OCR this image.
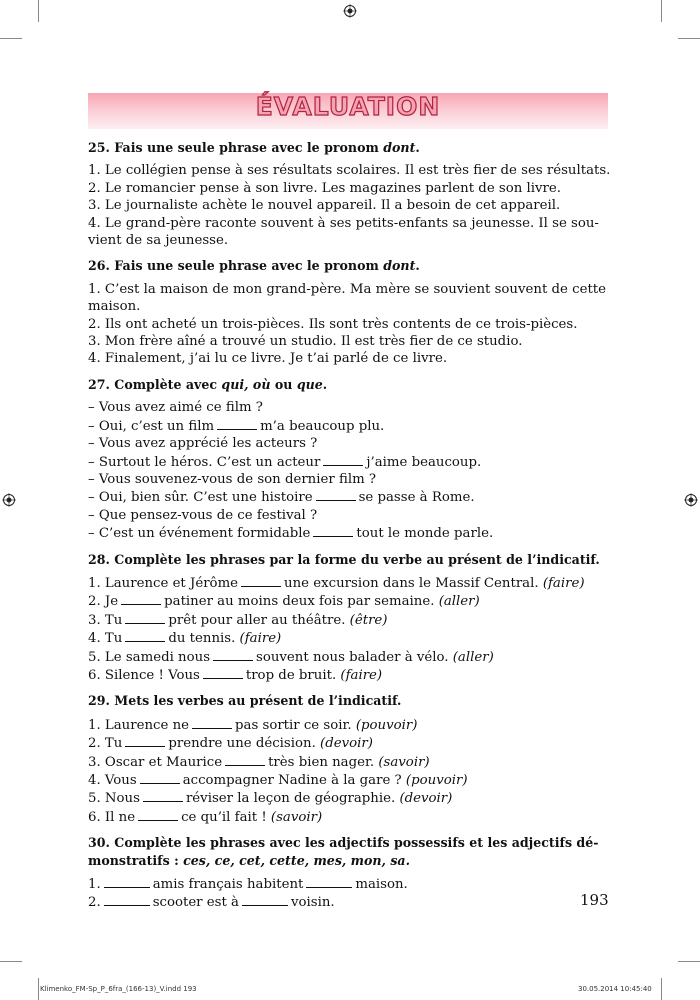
ÉVALUATION
25. Fais une seule phrase avec le pronom dont.
1. Le collégien pense à ses résultats scolaires. Il est très fier de ses résultats.
2. Le romancier pense à son livre. Les magazines parlent de son livre.
3. Le journaliste achète le nouvel appareil. Il a besoin de cet appareil.
4. Le grand-père raconte souvent à ses petits-enfants sa jeunesse. Il se sou-
vient de sa jeunesse.
26. Fais une seule phrase avec le pronom dont.
1. C’est la maison de mon grand-père. Ma mère se souvient souvent de cette
maison.
2. Ils ont acheté un trois-pièces. Ils sont très contents de ce trois-pièces.
3. Mon frère aîné a trouvé un studio. Il est très fier de ce studio.
4. Finalement, j’ai lu ce livre. Je t’ai parlé de ce livre.
27. Complète avec qui, où ou que.
– Vous avez aimé ce film ?
– Oui, c’est un film	m’a beaucoup plu.
– Vous avez apprécié les acteurs ?
– Surtout le héros. C’est un acteur	j’aime beaucoup.
– Vous souvenez-vous de son dernier film ?
– Oui, bien sûr. C’est une histoire	se passe à Rome.
– Que pensez-vous de ce festival ?
– C’est un événement formidable	tout le monde parle.
28. Complète les phrases par la forme du verbe au présent de l’indicatif.
1. Laurence et Jérôme	une excursion dans le Massif Central. (faire)
2. Je	patiner au moins deux fois par semaine. (aller)
3. Tu	prêt pour aller au théâtre. (être)
4. Tu	du tennis. (faire)
5. Le samedi nous	souvent nous balader à vélo. (aller)
6. Silence ! Vous	trop de bruit. (faire)
29. Mets les verbes au présent de l’indicatif.
1. Laurence ne	pas sortir ce soir. (pouvoir)
2. Tu	prendre une décision. (devoir)
3. Oscar et Maurice	très bien nager. (savoir)
4. Vous	accompagner Nadine à la gare ? (pouvoir)
5. Nous	réviser la leçon de géographie. (devoir)
6. Il ne	ce qu’il fait ! (savoir)
30. Complète les phrases avec les adjectifs possessifs et les adjectifs dé-
monstratifs : ces, ce, cet, cette, mes, mon, sa.
1.	amis français habitent	maison.
2.	scooter est à	voisin.	193
Klimenko_FM-Sp_P_6fra_(166-13)_V.indd 193	30.05.2014 10:45:40
